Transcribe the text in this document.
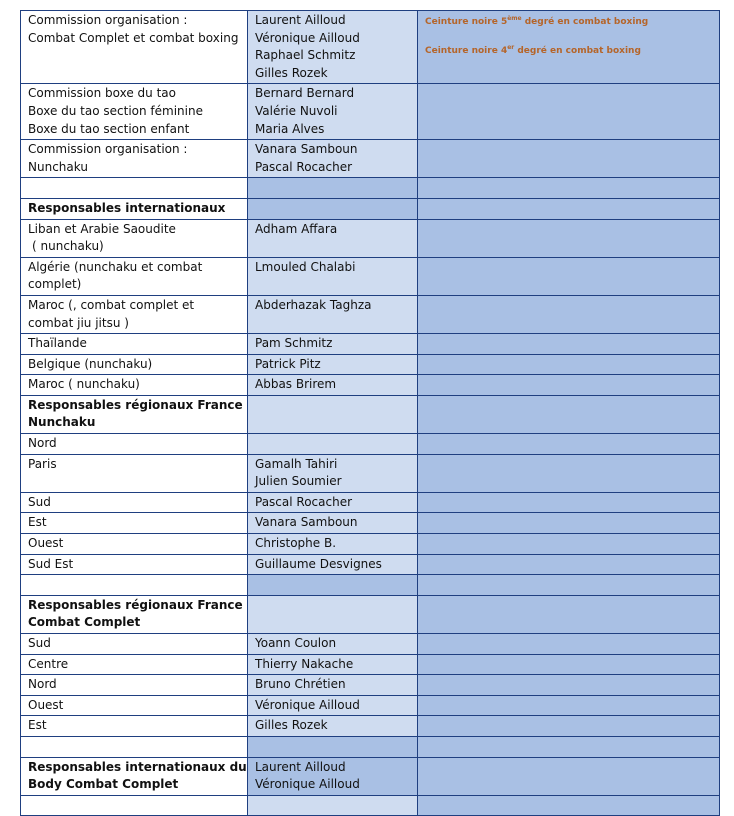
Commission organisation :
Combat Complet et combat boxing	Laurent Ailloud
Véronique Ailloud
Raphael Schmitz
Gilles Rozek	Ceinture noire 5ème degré en combat boxing
Ceinture noire 4er degré en combat boxing

Commission boxe du tao
Boxe du tao section féminine
Boxe du tao section enfant	Bernard Bernard
Valérie Nuvoli
Maria Alves	

Commission organisation :
Nunchaku	Vanara Samboun
Pascal Rocacher	

Responsables internationaux		

Liban et Arabie Saoudite
( nunchaku)	Adham Affara	

Algérie (nunchaku et combat
complet)	Lmouled Chalabi	

Maroc (, combat complet et
combat jiu jitsu )	Abderhazak Taghza	

Thaïlande	Pam Schmitz	

Belgique (nunchaku)	Patrick Pitz	

Maroc ( nunchaku)	Abbas Brirem	

Responsables régionaux France
Nunchaku		

Nord		

Paris	Gamalh Tahiri
Julien Soumier	

Sud	Pascal Rocacher	

Est	Vanara Samboun	

Ouest	Christophe B.	

Sud Est	Guillaume Desvignes	

Responsables régionaux France
Combat Complet		

Sud	Yoann Coulon	

Centre	Thierry Nakache	

Nord	Bruno Chrétien	

Ouest	Véronique Ailloud	

Est	Gilles Rozek	

Responsables internationaux du
Body Combat Complet	Laurent Ailloud
Véronique Ailloud	
